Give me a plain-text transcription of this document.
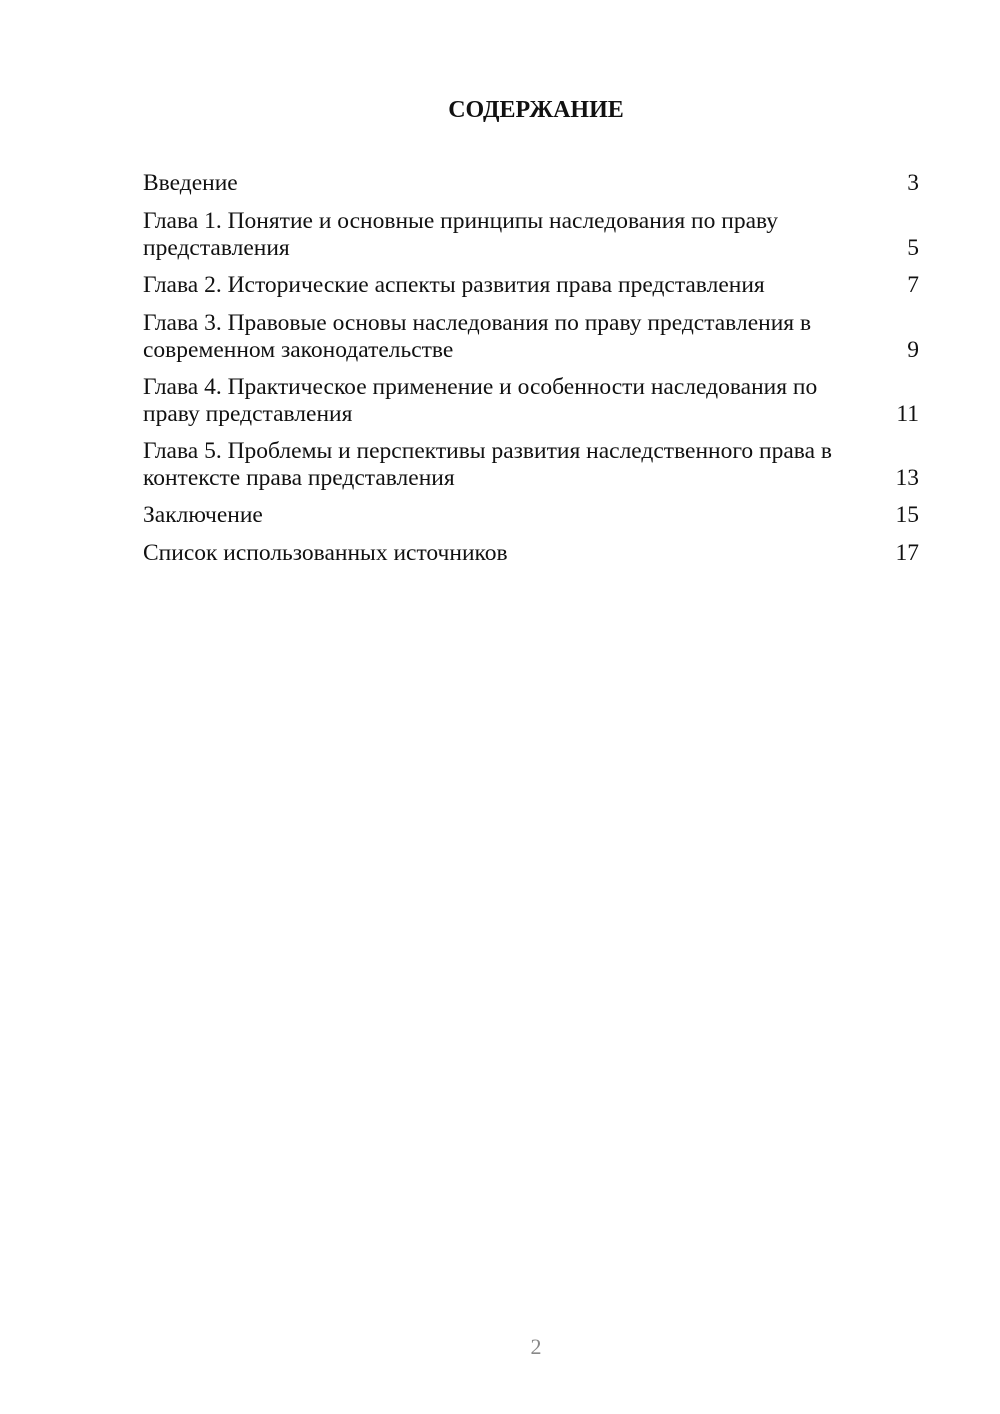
СОДЕРЖАНИЕ
Введение	3
Глава 1. Понятие и основные принципы наследования по праву представления	5
Глава 2. Исторические аспекты развития права представления	7
Глава 3. Правовые основы наследования по праву представления в современном законодательстве	9
Глава 4. Практическое применение и особенности наследования по праву представления	11
Глава 5. Проблемы и перспективы развития наследственного права в контексте права представления	13
Заключение	15
Список использованных источников	17
2
